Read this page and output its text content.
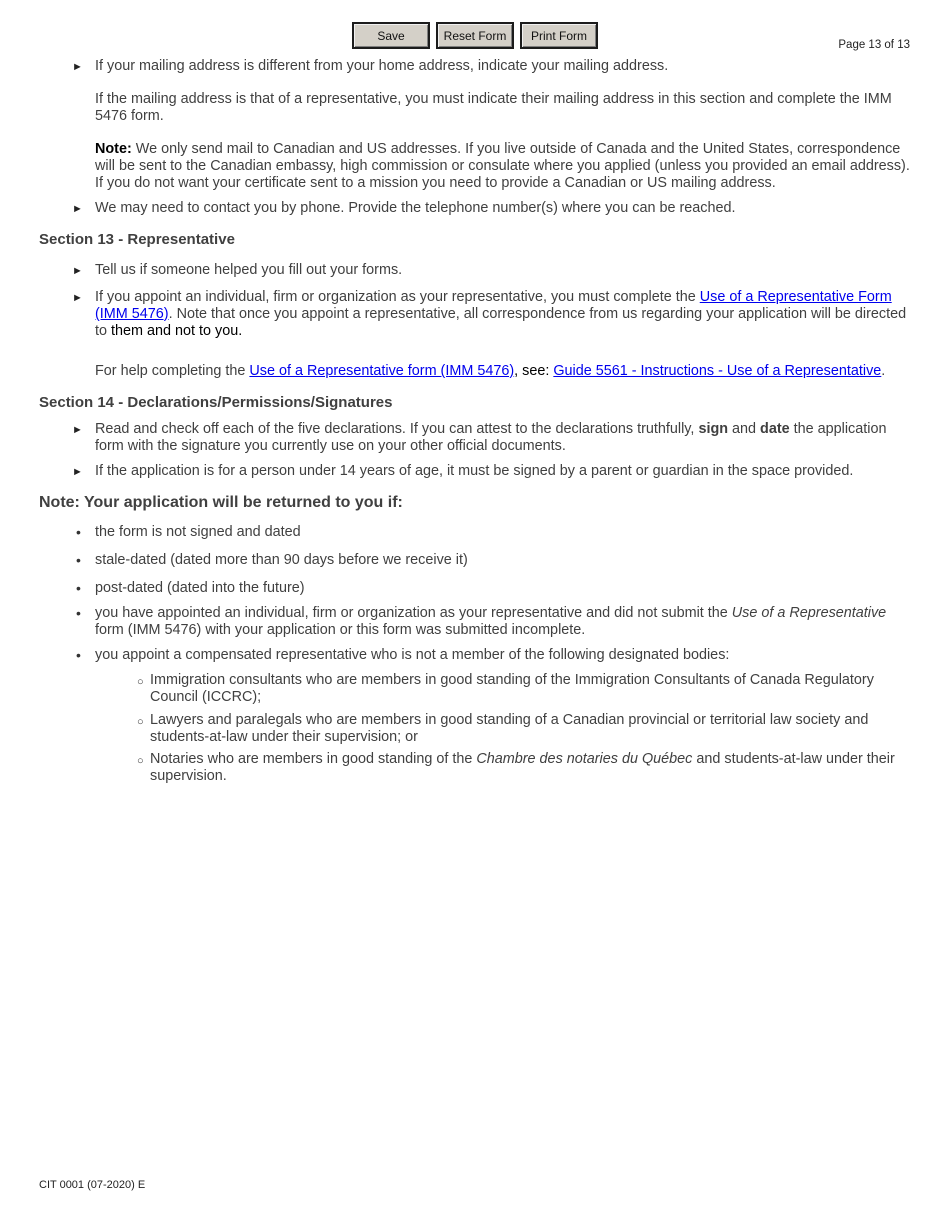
Save	Reset Form	Print Form
Page 13 of 13
► If your mailing address is different from your home address, indicate your mailing address.
If the mailing address is that of a representative, you must indicate their mailing address in this section and complete the IMM 5476 form.
Note: We only send mail to Canadian and US addresses. If you live outside of Canada and the United States, correspondence will be sent to the Canadian embassy, high commission or consulate where you applied (unless you provided an email address). If you do not want your certificate sent to a mission you need to provide a Canadian or US mailing address.
► We may need to contact you by phone. Provide the telephone number(s) where you can be reached.
Section 13 - Representative
► Tell us if someone helped you fill out your forms.
► If you appoint an individual, firm or organization as your representative, you must complete the Use of a Representative Form (IMM 5476). Note that once you appoint a representative, all correspondence from us regarding your application will be directed to them and not to you.
For help completing the Use of a Representative form (IMM 5476), see: Guide 5561 - Instructions - Use of a Representative.
Section 14 - Declarations/Permissions/Signatures
► Read and check off each of the five declarations. If you can attest to the declarations truthfully, sign and date the application form with the signature you currently use on your other official documents.
► If the application is for a person under 14 years of age, it must be signed by a parent or guardian in the space provided.
Note: Your application will be returned to you if:
• the form is not signed and dated
• stale-dated (dated more than 90 days before we receive it)
• post-dated (dated into the future)
• you have appointed an individual, firm or organization as your representative and did not submit the Use of a Representative form (IMM 5476) with your application or this form was submitted incomplete.
• you appoint a compensated representative who is not a member of the following designated bodies:
○ Immigration consultants who are members in good standing of the Immigration Consultants of Canada Regulatory Council (ICCRC);
○ Lawyers and paralegals who are members in good standing of a Canadian provincial or territorial law society and students-at-law under their supervision; or
○ Notaries who are members in good standing of the Chambre des notaries du Québec and students-at-law under their supervision.
CIT 0001 (07-2020) E
